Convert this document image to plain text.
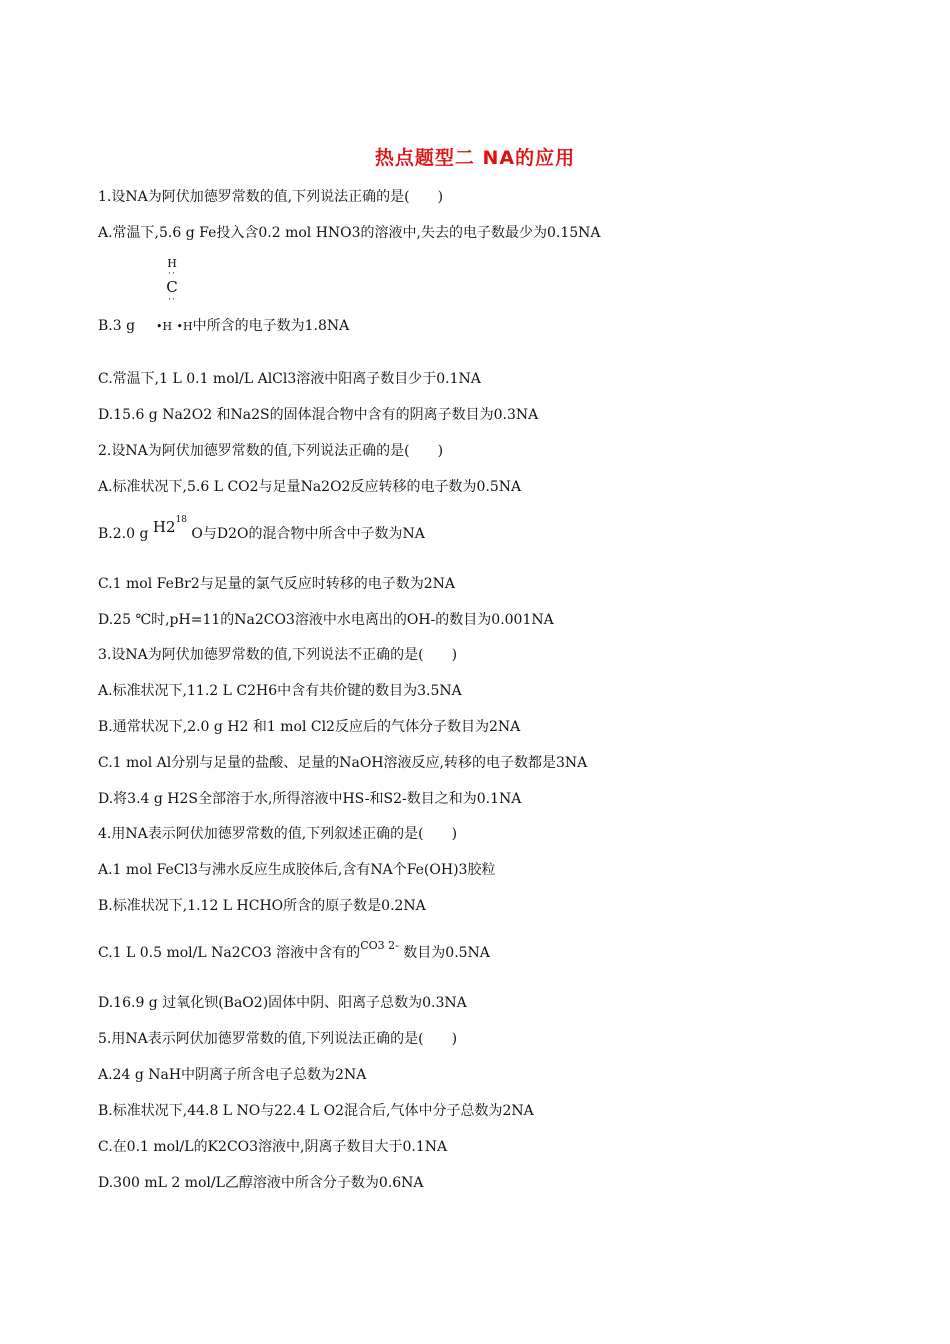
热点题型二 NA的应用
1.设NA为阿伏加德罗常数的值,下列说法正确的是(　　)
A.常温下,5.6 g Fe投入含0.2 mol HNO3的溶液中,失去的电子数最少为0.15NA
H
··
C
··
B.3 g •H •H中所含的电子数为1.8NA
C.常温下,1 L 0.1 mol/L AlCl3溶液中阳离子数目少于0.1NA
D.15.6 g Na2O2 和Na2S的固体混合物中含有的阴离子数目为0.3NA
2.设NA为阿伏加德罗常数的值,下列说法正确的是(　　)
A.标准状况下,5.6 L CO2与足量Na2O2反应转移的电子数为0.5NA
B.2.0 g $H2^{18}$ O与D2O的混合物中所含中子数为NA
C.1 mol FeBr2与足量的氯气反应时转移的电子数为2NA
D.25 ℃时,pH=11的Na2CO3溶液中水电离出的OH-的数目为0.001NA
3.设NA为阿伏加德罗常数的值,下列说法不正确的是(　　)
A.标准状况下,11.2 L C2H6中含有共价键的数目为3.5NA
B.通常状况下,2.0 g H2 和1 mol Cl2反应后的气体分子数目为2NA
C.1 mol Al分别与足量的盐酸、足量的NaOH溶液反应,转移的电子数都是3NA
D.将3.4 g H2S全部溶于水,所得溶液中HS-和S2-数目之和为0.1NA
4.用NA表示阿伏加德罗常数的值,下列叙述正确的是(　　)
A.1 mol FeCl3与沸水反应生成胶体后,含有NA个Fe(OH)3胶粒
B.标准状况下,1.12 L HCHO所含的原子数是0.2NA
C.1 L 0.5 mol/L Na2CO3 溶液中含有的$^{CO3 2-}$ 数目为0.5NA
D.16.9 g 过氧化钡(BaO2)固体中阴、阳离子总数为0.3NA
5.用NA表示阿伏加德罗常数的值,下列说法正确的是(　　)
A.24 g NaH中阴离子所含电子总数为2NA
B.标准状况下,44.8 L NO与22.4 L O2混合后,气体中分子总数为2NA
C.在0.1 mol/L的K2CO3溶液中,阴离子数目大于0.1NA
D.300 mL 2 mol/L乙醇溶液中所含分子数为0.6NA
